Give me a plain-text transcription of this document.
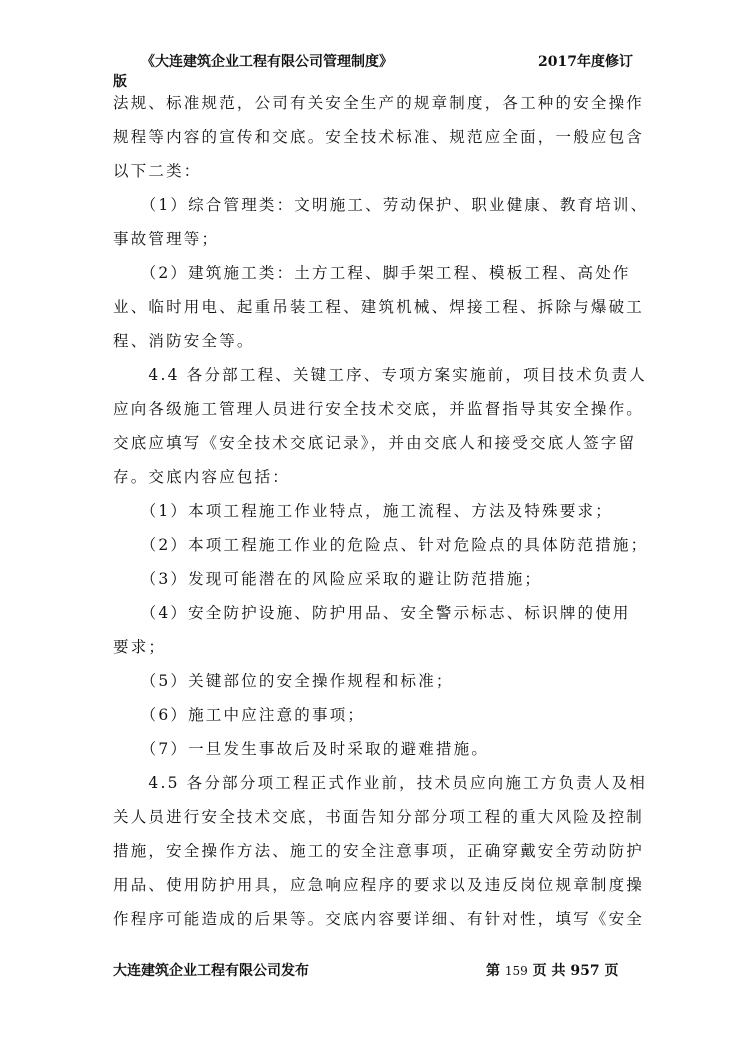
《大连建筑企业工程有限公司管理制度》	2017年度修订
版
法规、标准规范，公司有关安全生产的规章制度，各工种的安全操作
规程等内容的宣传和交底。安全技术标准、规范应全面，一般应包含
以下二类：
　　（1）综合管理类：文明施工、劳动保护、职业健康、教育培训、
事故管理等；
　　（2）建筑施工类：土方工程、脚手架工程、模板工程、高处作
业、临时用电、起重吊装工程、建筑机械、焊接工程、拆除与爆破工
程、消防安全等。
　　4.4 各分部工程、关键工序、专项方案实施前，项目技术负责人
应向各级施工管理人员进行安全技术交底，并监督指导其安全操作。
交底应填写《安全技术交底记录》，并由交底人和接受交底人签字留
存。交底内容应包括：
　　（1）本项工程施工作业特点，施工流程、方法及特殊要求；
　　（2）本项工程施工作业的危险点、针对危险点的具体防范措施；
　　（3）发现可能潜在的风险应采取的避让防范措施；
　　（4）安全防护设施、防护用品、安全警示标志、标识牌的使用
要求；
　　（5）关键部位的安全操作规程和标准；
　　（6）施工中应注意的事项；
　　（7）一旦发生事故后及时采取的避难措施。
　　4.5 各分部分项工程正式作业前，技术员应向施工方负责人及相
关人员进行安全技术交底，书面告知分部分项工程的重大风险及控制
措施，安全操作方法、施工的安全注意事项，正确穿戴安全劳动防护
用品、使用防护用具，应急响应程序的要求以及违反岗位规章制度操
作程序可能造成的后果等。交底内容要详细、有针对性，填写《安全
大连建筑企业工程有限公司发布	第 159 页 共 957 页
